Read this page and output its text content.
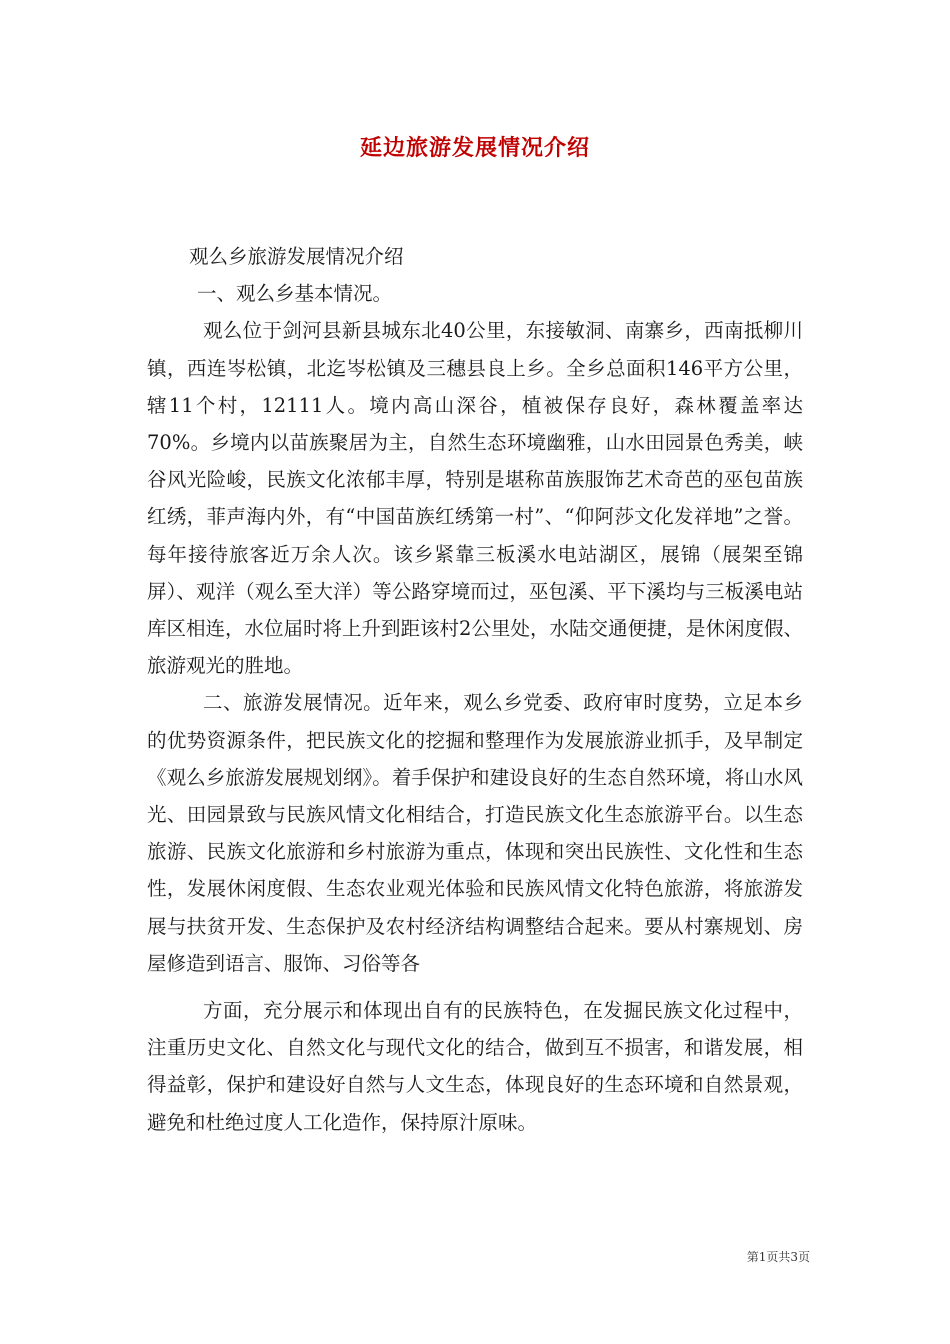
延边旅游发展情况介绍

观么乡旅游发展情况介绍

一、观么乡基本情况。

观么位于剑河县新县城东北40公里，东接敏洞、南寨乡，西南抵柳川镇，西连岑松镇，北迄岑松镇及三穗县良上乡。全乡总面积146平方公里，辖11个村，12111人。境内高山深谷，植被保存良好，森林覆盖率达70%。乡境内以苗族聚居为主，自然生态环境幽雅，山水田园景色秀美，峡谷风光险峻，民族文化浓郁丰厚，特别是堪称苗族服饰艺术奇芭的巫包苗族红绣，菲声海内外，有“中国苗族红绣第一村”、“仰阿莎文化发祥地”之誉。每年接待旅客近万余人次。该乡紧靠三板溪水电站湖区，展锦（展架至锦屏）、观洋（观么至大洋）等公路穿境而过，巫包溪、平下溪均与三板溪电站库区相连，水位届时将上升到距该村2公里处，水陆交通便捷，是休闲度假、旅游观光的胜地。

二、旅游发展情况。近年来，观么乡党委、政府审时度势，立足本乡的优势资源条件，把民族文化的挖掘和整理作为发展旅游业抓手，及早制定《观么乡旅游发展规划纲》。着手保护和建设良好的生态自然环境，将山水风光、田园景致与民族风情文化相结合，打造民族文化生态旅游平台。以生态旅游、民族文化旅游和乡村旅游为重点，体现和突出民族性、文化性和生态性，发展休闲度假、生态农业观光体验和民族风情文化特色旅游，将旅游发展与扶贫开发、生态保护及农村经济结构调整结合起来。要从村寨规划、房屋修造到语言、服饰、习俗等各

方面，充分展示和体现出自有的民族特色，在发掘民族文化过程中，注重历史文化、自然文化与现代文化的结合，做到互不损害，和谐发展，相得益彰，保护和建设好自然与人文生态，体现良好的生态环境和自然景观，避免和杜绝过度人工化造作，保持原汁原味。

第1页共3页
